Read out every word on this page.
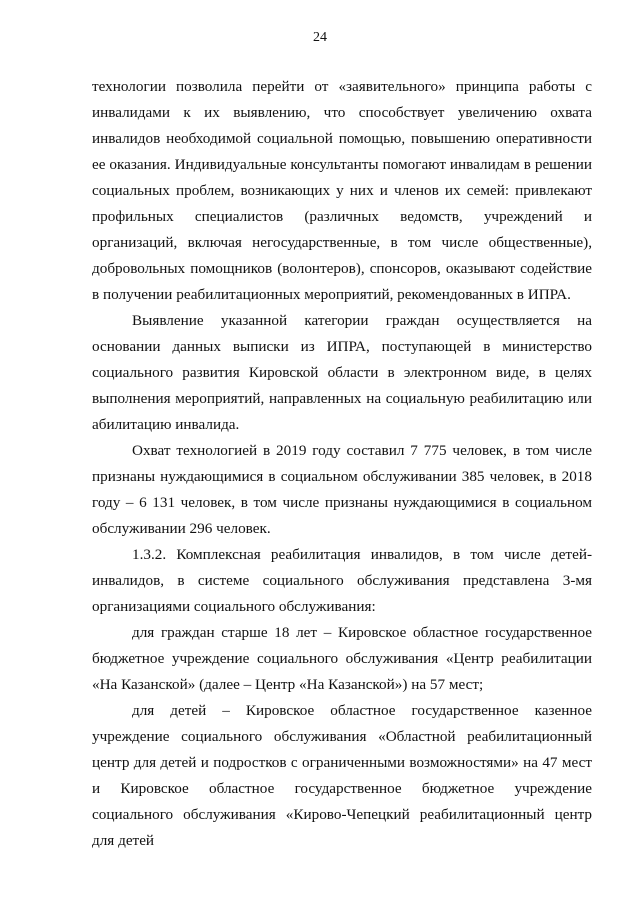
24

технологии позволила перейти от «заявительного» принципа работы с инвалидами к их выявлению, что способствует увеличению охвата инвалидов необходимой социальной помощью, повышению оперативности ее оказания. Индивидуальные консультанты помогают инвалидам в решении социальных проблем, возникающих у них и членов их семей: привлекают профильных специалистов (различных ведомств, учреждений и организаций, включая негосударственные, в том числе общественные), добровольных помощников (волонтеров), спонсоров, оказывают содействие в получении реабилитационных мероприятий, рекомендованных в ИПРА.

Выявление указанной категории граждан осуществляется на основании данных выписки из ИПРА, поступающей в министерство социального развития Кировской области в электронном виде, в целях выполнения мероприятий, направленных на социальную реабилитацию или абилитацию инвалида.

Охват технологией в 2019 году составил 7 775 человек, в том числе признаны нуждающимися в социальном обслуживании 385 человек, в 2018 году – 6 131 человек, в том числе признаны нуждающимися в социальном обслуживании 296 человек.

1.3.2. Комплексная реабилитация инвалидов, в том числе детей-инвалидов, в системе социального обслуживания представлена 3-мя организациями социального обслуживания:

для граждан старше 18 лет – Кировское областное государственное бюджетное учреждение социального обслуживания «Центр реабилитации «На Казанской» (далее – Центр «На Казанской») на 57 мест;

для детей – Кировское областное государственное казенное учреждение социального обслуживания «Областной реабилитационный центр для детей и подростков с ограниченными возможностями» на 47 мест и Кировское областное государственное бюджетное учреждение социального обслуживания «Кирово-Чепецкий реабилитационный центр для детей
